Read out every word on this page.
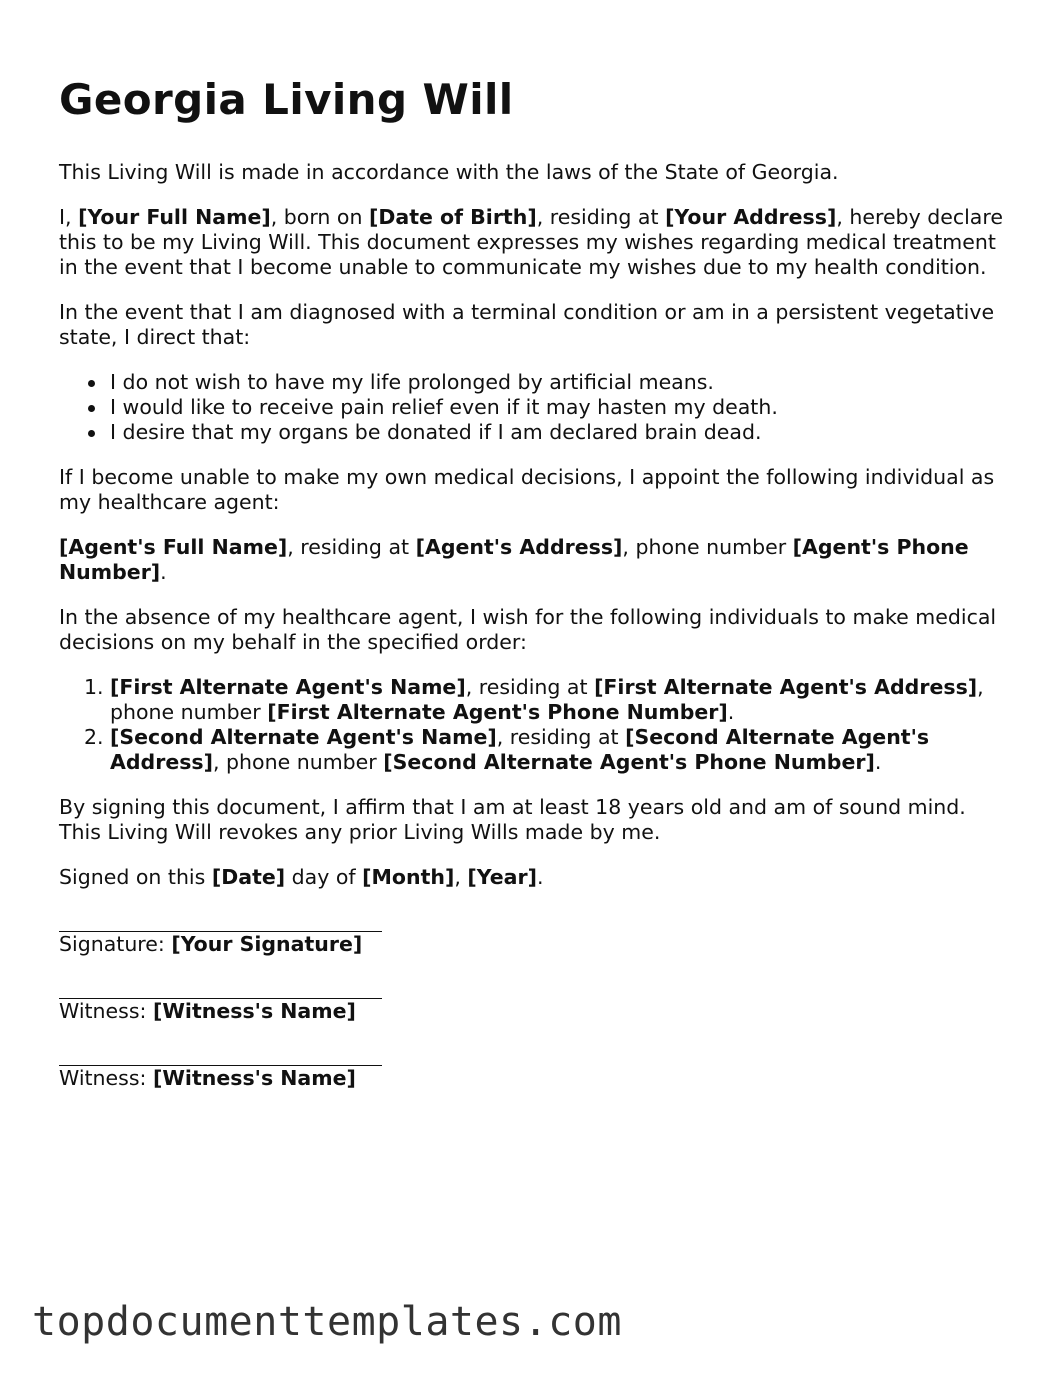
Georgia Living Will

This Living Will is made in accordance with the laws of the State of Georgia.

I, [Your Full Name], born on [Date of Birth], residing at [Your Address], hereby declare this to be my Living Will. This document expresses my wishes regarding medical treatment in the event that I become unable to communicate my wishes due to my health condition.

In the event that I am diagnosed with a terminal condition or am in a persistent vegetative state, I direct that:

I do not wish to have my life prolonged by artificial means.
I would like to receive pain relief even if it may hasten my death.
I desire that my organs be donated if I am declared brain dead.

If I become unable to make my own medical decisions, I appoint the following individual as my healthcare agent:

[Agent's Full Name], residing at [Agent's Address], phone number [Agent's Phone Number].

In the absence of my healthcare agent, I wish for the following individuals to make medical decisions on my behalf in the specified order:

1. [First Alternate Agent's Name], residing at [First Alternate Agent's Address], phone number [First Alternate Agent's Phone Number].
2. [Second Alternate Agent's Name], residing at [Second Alternate Agent's Address], phone number [Second Alternate Agent's Phone Number].

By signing this document, I affirm that I am at least 18 years old and am of sound mind. This Living Will revokes any prior Living Wills made by me.

Signed on this [Date] day of [Month], [Year].

Signature: [Your Signature]
Witness: [Witness's Name]
Witness: [Witness's Name]
topdocumenttemplates.com
